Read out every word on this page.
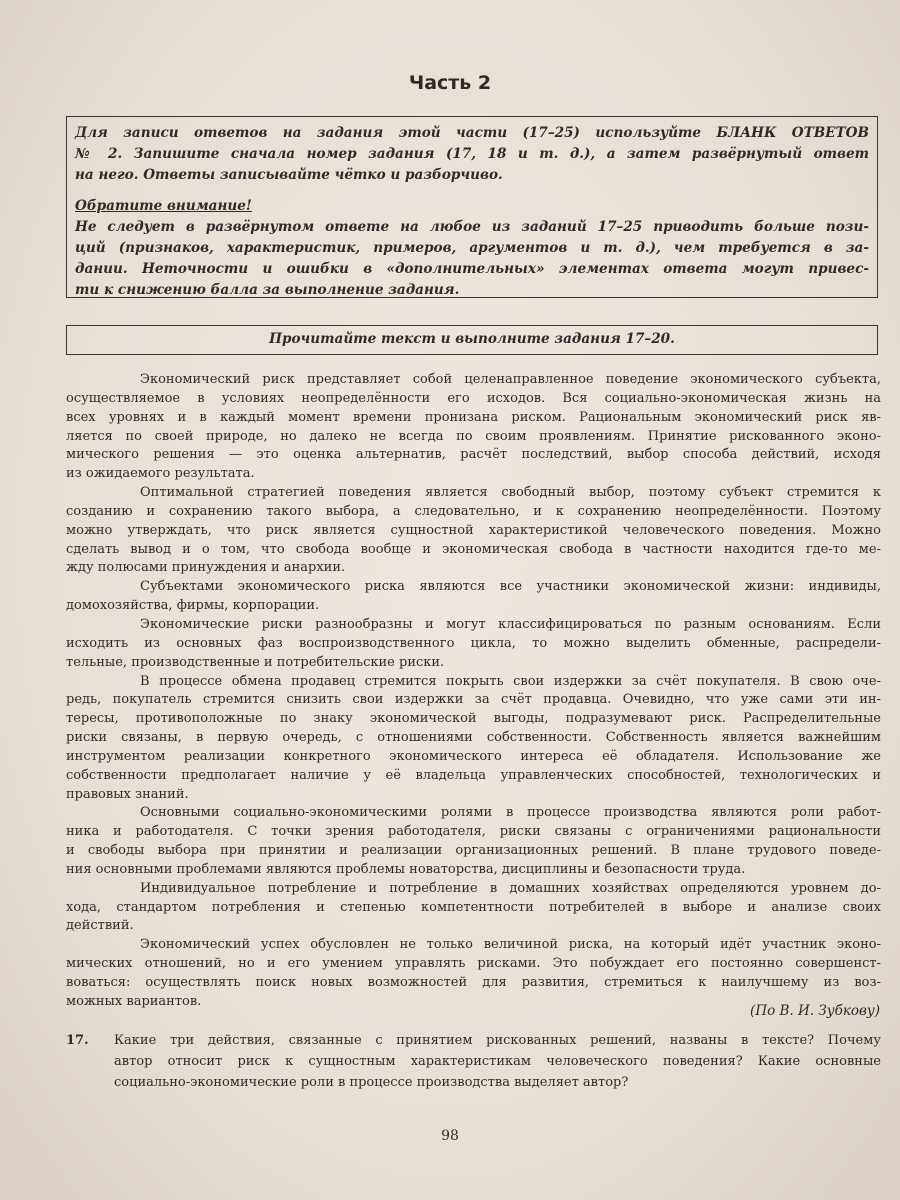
Часть 2
Для записи ответов на задания этой части (17–25) используйте БЛАНК ОТВЕТОВ
№ 2. Запишите сначала номер задания (17, 18 и т. д.), а затем развёрнутый ответ
на него. Ответы записывайте чётко и разборчиво.
Обратите внимание!
Не следует в развёрнутом ответе на любое из заданий 17–25 приводить больше пози-
ций (признаков, характеристик, примеров, аргументов и т. д.), чем требуется в за-
дании. Неточности и ошибки в «дополнительных» элементах ответа могут привес-
ти к снижению балла за выполнение задания.
Прочитайте текст и выполните задания 17–20.
Экономический риск представляет собой целенаправленное поведение экономического субъекта,
осуществляемое в условиях неопределённости его исходов. Вся социально-экономическая жизнь на
всех уровнях и в каждый момент времени пронизана риском. Рациональным экономический риск яв-
ляется по своей природе, но далеко не всегда по своим проявлениям. Принятие рискованного эконо-
мического решения — это оценка альтернатив, расчёт последствий, выбор способа действий, исходя
из ожидаемого результата.
Оптимальной стратегией поведения является свободный выбор, поэтому субъект стремится к
созданию и сохранению такого выбора, а следовательно, и к сохранению неопределённости. Поэтому
можно утверждать, что риск является сущностной характеристикой человеческого поведения. Можно
сделать вывод и о том, что свобода вообще и экономическая свобода в частности находится где-то ме-
жду полюсами принуждения и анархии.
Субъектами экономического риска являются все участники экономической жизни: индивиды,
домохозяйства, фирмы, корпорации.
Экономические риски разнообразны и могут классифицироваться по разным основаниям. Если
исходить из основных фаз воспроизводственного цикла, то можно выделить обменные, распредели-
тельные, производственные и потребительские риски.
В процессе обмена продавец стремится покрыть свои издержки за счёт покупателя. В свою оче-
редь, покупатель стремится снизить свои издержки за счёт продавца. Очевидно, что уже сами эти ин-
тересы, противоположные по знаку экономической выгоды, подразумевают риск. Распределительные
риски связаны, в первую очередь, с отношениями собственности. Собственность является важнейшим
инструментом реализации конкретного экономического интереса её обладателя. Использование же
собственности предполагает наличие у её владельца управленческих способностей, технологических и
правовых знаний.
Основными социально-экономическими ролями в процессе производства являются роли работ-
ника и работодателя. С точки зрения работодателя, риски связаны с ограничениями рациональности
и свободы выбора при принятии и реализации организационных решений. В плане трудового поведе-
ния основными проблемами являются проблемы новаторства, дисциплины и безопасности труда.
Индивидуальное потребление и потребление в домашних хозяйствах определяются уровнем до-
хода, стандартом потребления и степенью компетентности потребителей в выборе и анализе своих
действий.
Экономический успех обусловлен не только величиной риска, на который идёт участник эконо-
мических отношений, но и его умением управлять рисками. Это побуждает его постоянно совершенст-
воваться: осуществлять поиск новых возможностей для развития, стремиться к наилучшему из воз-
можных вариантов.
(По В. И. Зубкову)
17. Какие три действия, связанные с принятием рискованных решений, названы в тексте? Почему
автор относит риск к сущностным характеристикам человеческого поведения? Какие основные
социально-экономические роли в процессе производства выделяет автор?
98
